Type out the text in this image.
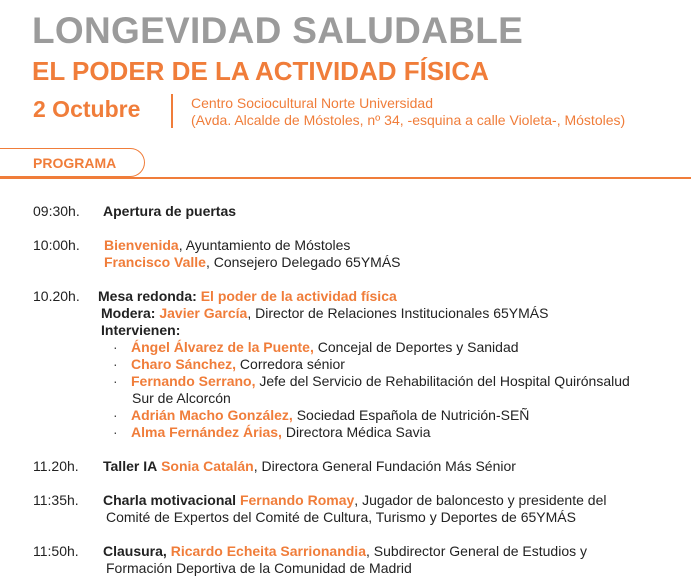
LONGEVIDAD SALUDABLE
EL PODER DE LA ACTIVIDAD FÍSICA
2 Octubre	Centro Sociocultural Norte Universidad
(Avda. Alcalde de Móstoles, nº 34, -esquina a calle Violeta-, Móstoles)
PROGRAMA
09:30h. Apertura de puertas
10:00h. Bienvenida, Ayuntamiento de Móstoles
Francisco Valle, Consejero Delegado 65YMÁS
10.20h. Mesa redonda: El poder de la actividad física
Modera: Javier García, Director de Relaciones Institucionales 65YMÁS
Intervienen:
· Ángel Álvarez de la Puente, Concejal de Deportes y Sanidad
· Charo Sánchez, Corredora sénior
· Fernando Serrano, Jefe del Servicio de Rehabilitación del Hospital Quirónsalud
Sur de Alcorcón
· Adrián Macho González, Sociedad Española de Nutrición-SEÑ
· Alma Fernández Árias, Directora Médica Savia
11.20h. Taller IA Sonia Catalán, Directora General Fundación Más Sénior
11:35h. Charla motivacional Fernando Romay, Jugador de baloncesto y presidente del
Comité de Expertos del Comité de Cultura, Turismo y Deportes de 65YMÁS
11:50h. Clausura, Ricardo Echeita Sarrionandia, Subdirector General de Estudios y
Formación Deportiva de la Comunidad de Madrid
